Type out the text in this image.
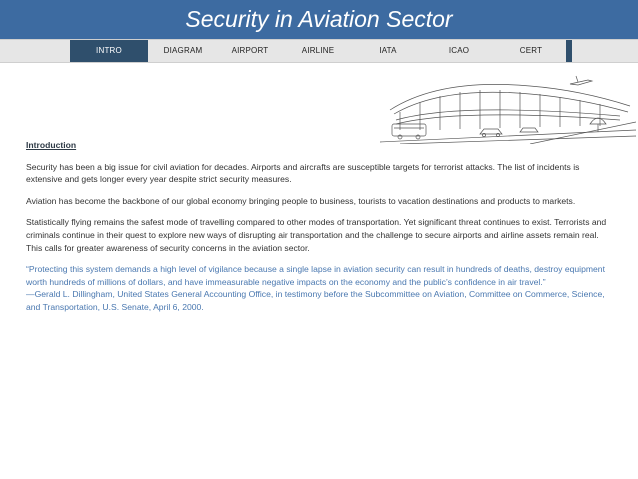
Security in Aviation Sector
INTRO	DIAGRAM	AIRPORT	AIRLINE	IATA	ICAO	CERT
Introduction

Security has been a big issue for civil aviation for decades. Airports and aircrafts are susceptible targets for terrorist attacks. The list of incidents is extensive and gets longer every year despite strict security measures.

Aviation has become the backbone of our global economy bringing people to business, tourists to vacation destinations and products to markets.

Statistically flying remains the safest mode of travelling compared to other modes of transportation. Yet significant threat continues to exist. Terrorists and criminals continue in their quest to explore new ways of disrupting air transportation and the challenge to secure airports and airline assets remain real. This calls for greater awareness of security concerns in the aviation sector.

“Protecting this system demands a high level of vigilance because a single lapse in aviation security can result in hundreds of deaths, destroy equipment worth hundreds of millions of dollars, and have immeasurable negative impacts on the economy and the public’s confidence in air travel.”

—Gerald L. Dillingham, United States General Accounting Office, in testimony before the Subcommittee on Aviation, Committee on Commerce, Science, and Transportation, U.S. Senate, April 6, 2000.
